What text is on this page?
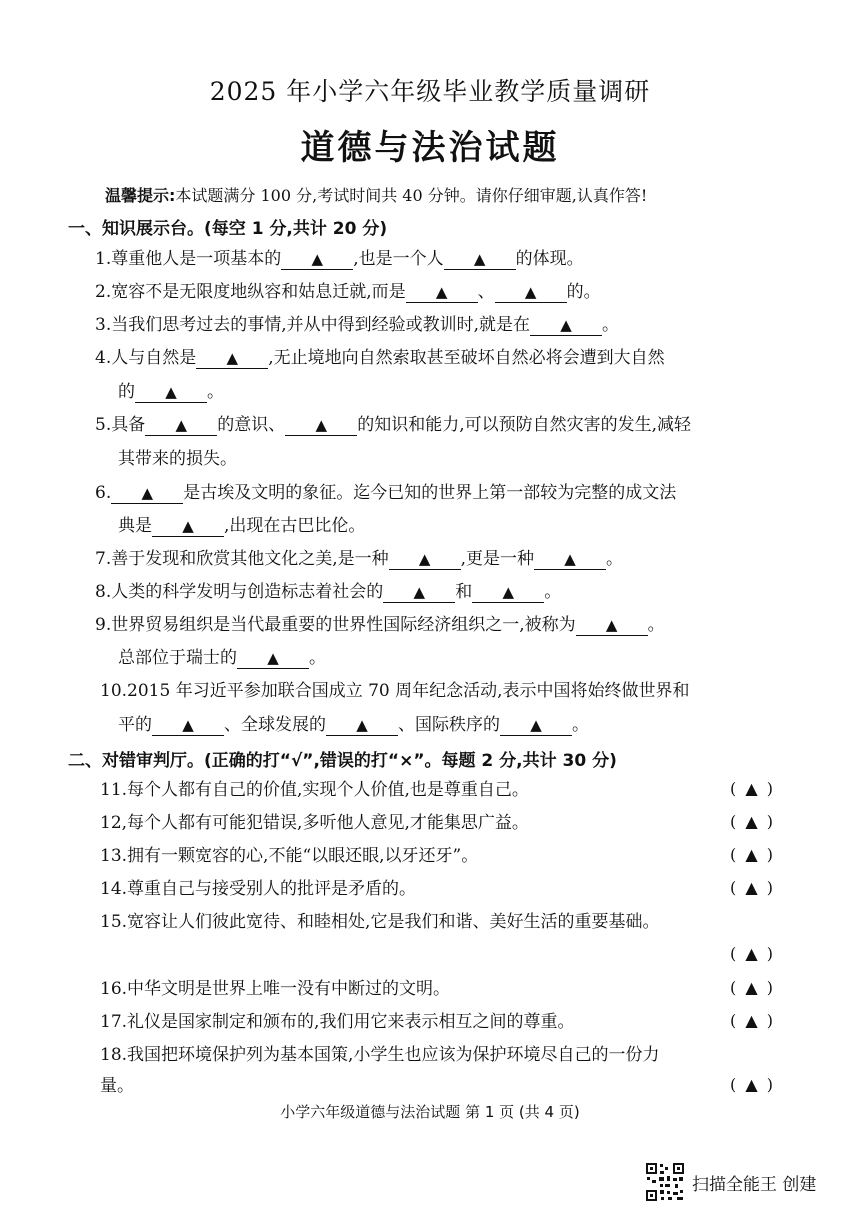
2025 年小学六年级毕业教学质量调研
道德与法治试题
温馨提示:本试题满分 100 分,考试时间共 40 分钟。请你仔细审题,认真作答!
一、知识展示台。(每空 1 分,共计 20 分)
1.尊重他人是一项基本的 ▲ ,也是一个人 ▲ 的体现。
2.宽容不是无限度地纵容和姑息迁就,而是 ▲ 、 ▲ 的。
3.当我们思考过去的事情,并从中得到经验或教训时,就是在 ▲ 。
4.人与自然是 ▲ ,无止境地向自然索取甚至破坏自然必将会遭到大自然
的 ▲ 。
5.具备 ▲ 的意识、 ▲ 的知识和能力,可以预防自然灾害的发生,减轻
其带来的损失。
6. ▲ 是古埃及文明的象征。迄今已知的世界上第一部较为完整的成文法
典是 ▲ ,出现在古巴比伦。
7.善于发现和欣赏其他文化之美,是一种 ▲ ,更是一种 ▲ 。
8.人类的科学发明与创造标志着社会的 ▲ 和 ▲ 。
9.世界贸易组织是当代最重要的世界性国际经济组织之一,被称为 ▲ 。
总部位于瑞士的 ▲ 。
10.2015 年习近平参加联合国成立 70 周年纪念活动,表示中国将始终做世界和
平的 ▲ 、全球发展的 ▲ 、国际秩序的 ▲ 。
二、对错审判厅。(正确的打“√”,错误的打“×”。每题 2 分,共计 30 分)
11.每个人都有自己的价值,实现个人价值,也是尊重自己。	( ▲ )
12,每个人都有可能犯错误,多听他人意见,才能集思广益。	( ▲ )
13.拥有一颗宽容的心,不能“以眼还眼,以牙还牙”。	( ▲ )
14.尊重自己与接受别人的批评是矛盾的。	( ▲ )
15.宽容让人们彼此宽待、和睦相处,它是我们和谐、美好生活的重要基础。
( ▲ )
16.中华文明是世界上唯一没有中断过的文明。	( ▲ )
17.礼仪是国家制定和颁布的,我们用它来表示相互之间的尊重。	( ▲ )
18.我国把环境保护列为基本国策,小学生也应该为保护环境尽自己的一份力
量。	( ▲ )
小学六年级道德与法治试题 第 1 页 (共 4 页)
扫描全能王 创建
